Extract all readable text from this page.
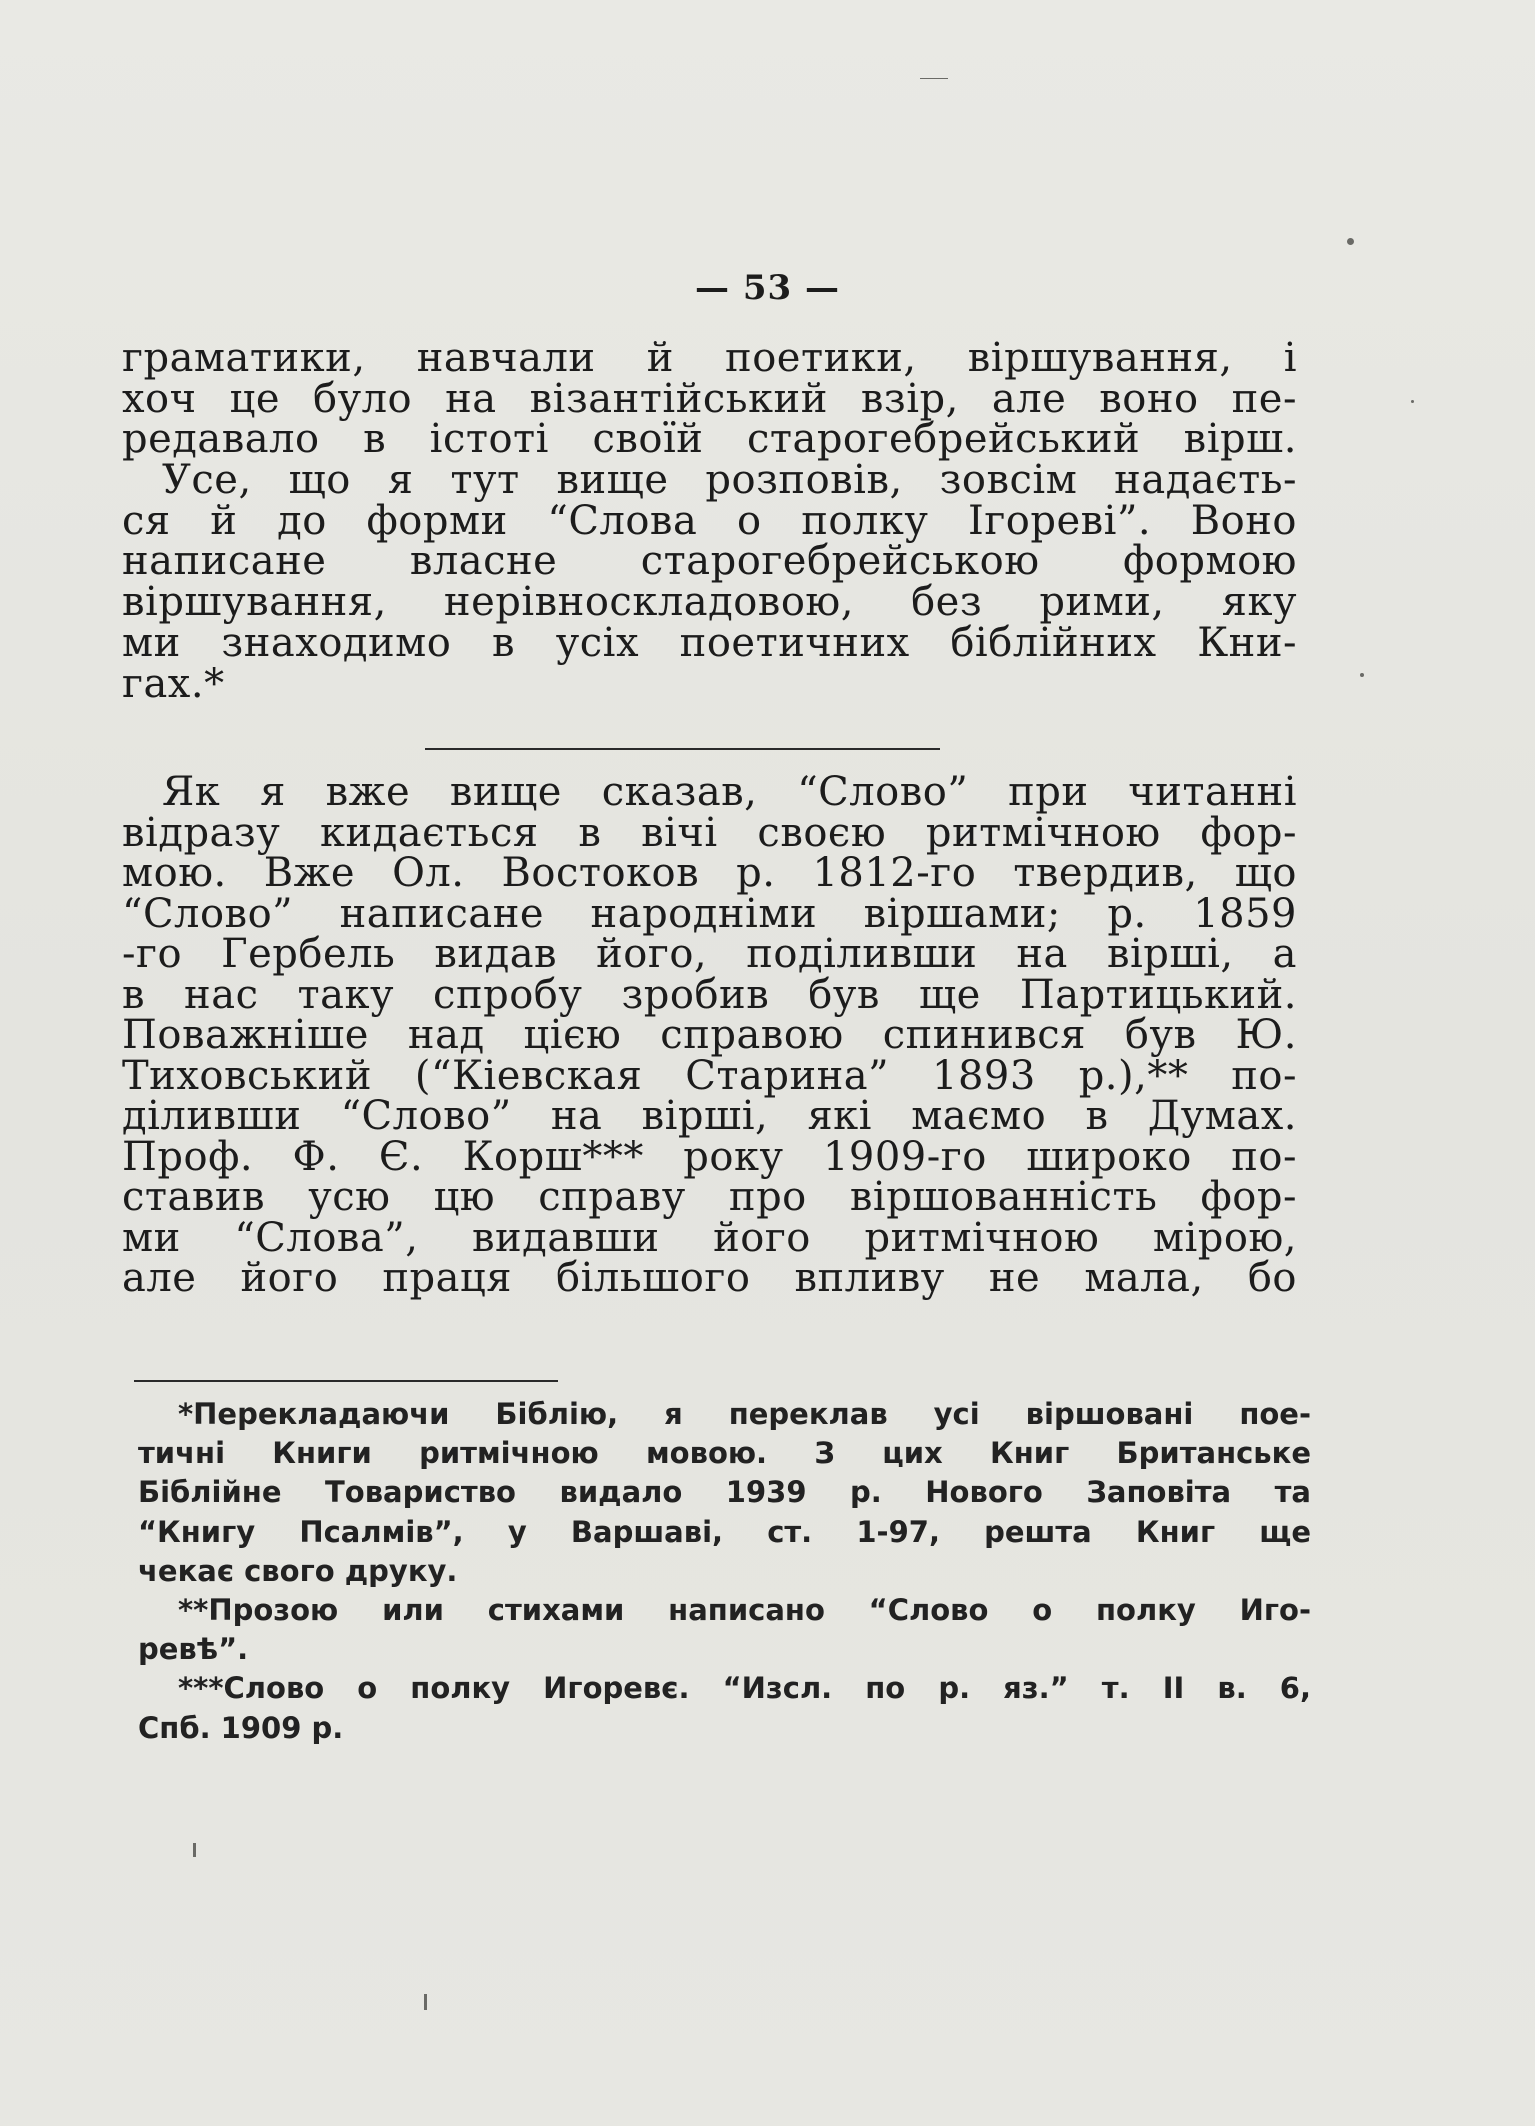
— 53 —
граматики, навчали й поетики, віршування, і
хоч це було на візантійський взір, але воно пе-
редавало в істоті своїй старогебрейський вірш.
Усе, що я тут вище розповів, зовсім надаєть-
ся й до форми “Слова о полку Ігореві”. Воно
написане власне старогебрейською формою
віршування, нерівноскладовою, без рими, яку
ми знаходимо в усіх поетичних біблійних Кни-
гах.*
Як я вже вище сказав, “Слово” при читанні
відразу кидається в вічі своєю ритмічною фор-
мою. Вже Ол. Востоков р. 1812-го твердив, що
“Слово” написане народніми віршами; р. 1859
-го Гербель видав його, поділивши на вірші, а
в нас таку спробу зробив був ще Партицький.
Поважніше над цією справою спинився був Ю.
Тиховський (“Кіевская Старина” 1893 р.),** по-
діливши “Слово” на вірші, які маємо в Думах.
Проф. Ф. Є. Корш*** року 1909-го широко по-
ставив усю цю справу про віршованність фор-
ми “Слова”, видавши його ритмічною мірою,
але його праця більшого впливу не мала, бо
*Перекладаючи Біблію, я переклав усі віршовані пое-
тичні Книги ритмічною мовою. З цих Книг Британське
Біблійне Товариство видало 1939 р. Нового Заповіта та
“Книгу Псалмів”, у Варшаві, ст. 1-97, решта Книг ще
чекає свого друку.
**Прозою или стихами написано “Слово о полку Иго-
ревѣ”.
***Слово о полку Игоревє. “Изсл. по р. яз.” т. II в. 6,
Спб. 1909 р.
